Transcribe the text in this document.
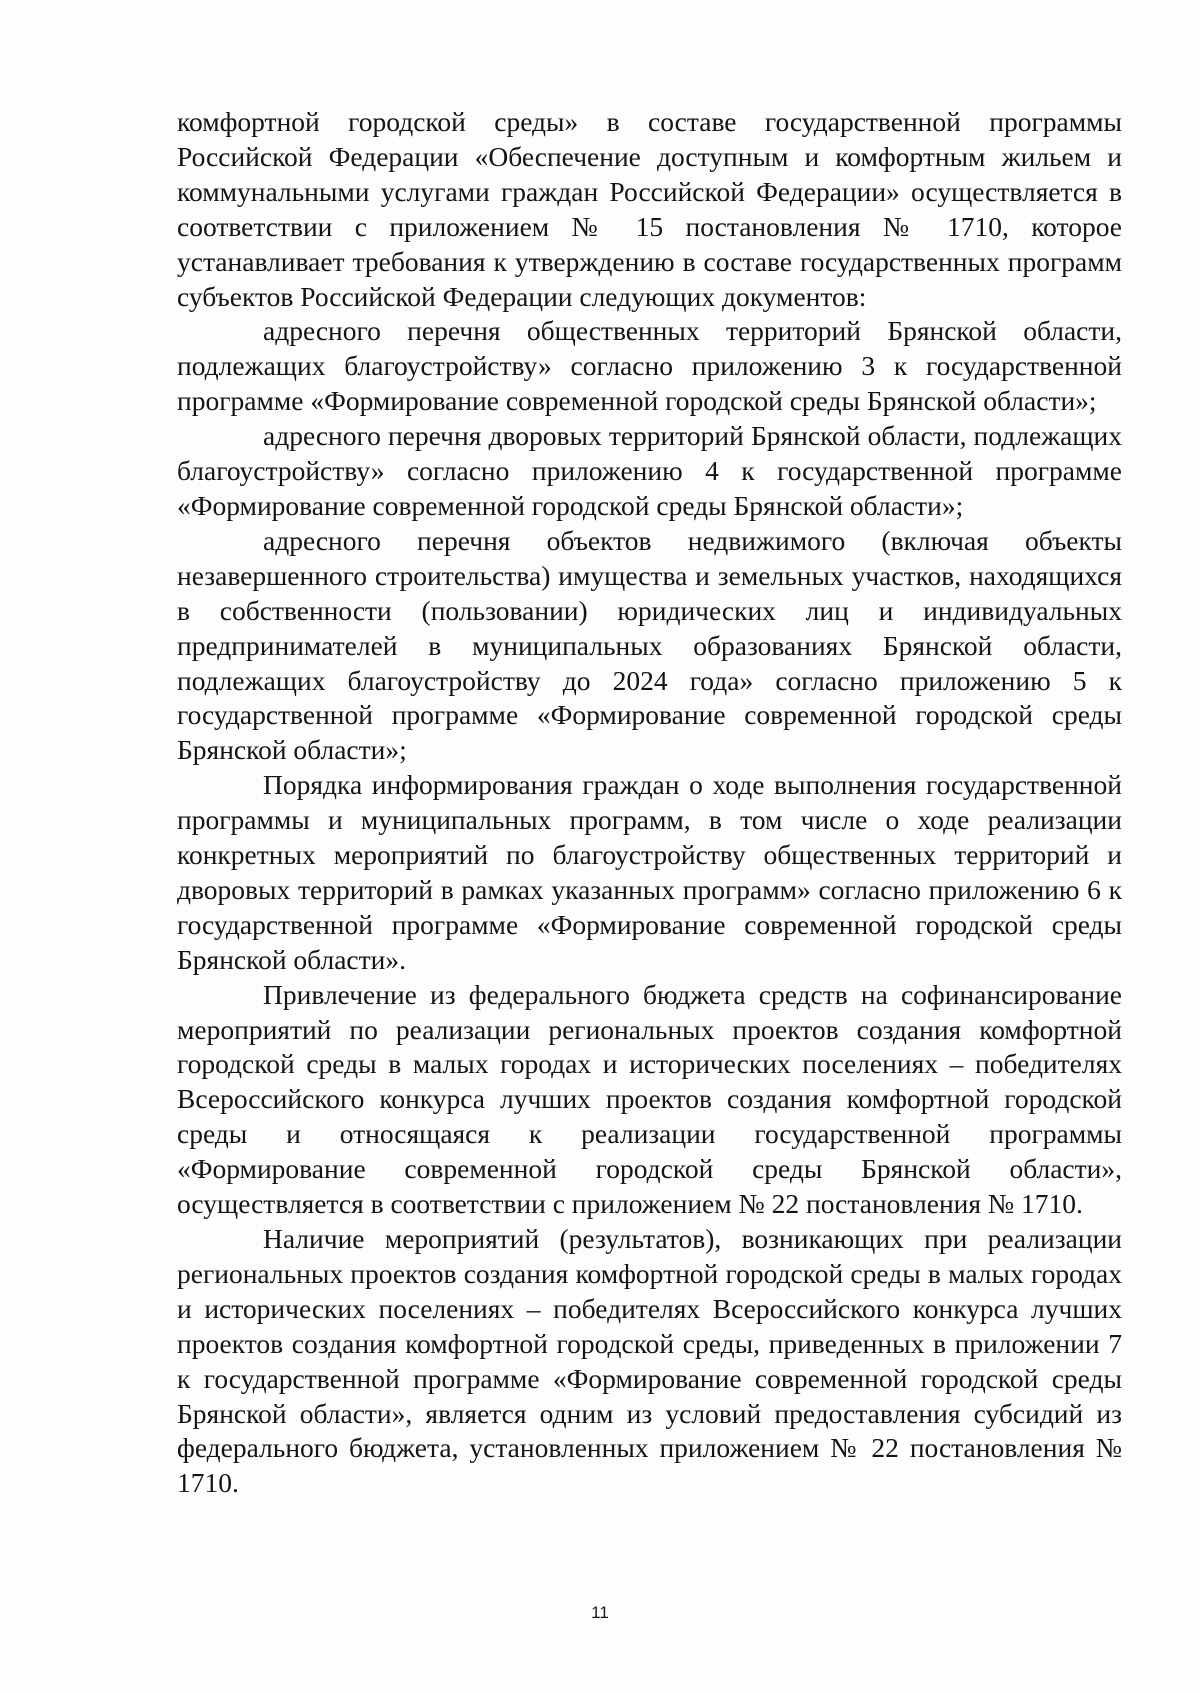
комфортной городской среды» в составе государственной программы Российской Федерации «Обеспечение доступным и комфортным жильем и коммунальными услугами граждан Российской Федерации» осуществляется в соответствии с приложением № 15 постановления № 1710, которое устанавливает требования к утверждению в составе государственных программ субъектов Российской Федерации следующих документов:

адресного перечня общественных территорий Брянской области, подлежащих благоустройству» согласно приложению 3 к государственной программе «Формирование современной городской среды Брянской области»;

адресного перечня дворовых территорий Брянской области, подлежащих благоустройству» согласно приложению 4 к государственной программе «Формирование современной городской среды Брянской области»;

адресного перечня объектов недвижимого (включая объекты незавершенного строительства) имущества и земельных участков, находящихся в собственности (пользовании) юридических лиц и индивидуальных предпринимателей в муниципальных образованиях Брянской области, подлежащих благоустройству до 2024 года» согласно приложению 5 к государственной программе «Формирование современной городской среды Брянской области»;

Порядка информирования граждан о ходе выполнения государственной программы и муниципальных программ, в том числе о ходе реализации конкретных мероприятий по благоустройству общественных территорий и дворовых территорий в рамках указанных программ» согласно приложению 6 к государственной программе «Формирование современной городской среды Брянской области».

Привлечение из федерального бюджета средств на софинансирование мероприятий по реализации региональных проектов создания комфортной городской среды в малых городах и исторических поселениях – победителях Всероссийского конкурса лучших проектов создания комфортной городской среды и относящаяся к реализации государственной программы «Формирование современной городской среды Брянской области», осуществляется в соответствии с приложением № 22 постановления № 1710.

Наличие мероприятий (результатов), возникающих при реализации региональных проектов создания комфортной городской среды в малых городах и исторических поселениях – победителях Всероссийского конкурса лучших проектов создания комфортной городской среды, приведенных в приложении 7 к государственной программе «Формирование современной городской среды Брянской области», является одним из условий предоставления субсидий из федерального бюджета, установленных приложением № 22 постановления № 1710.

11
